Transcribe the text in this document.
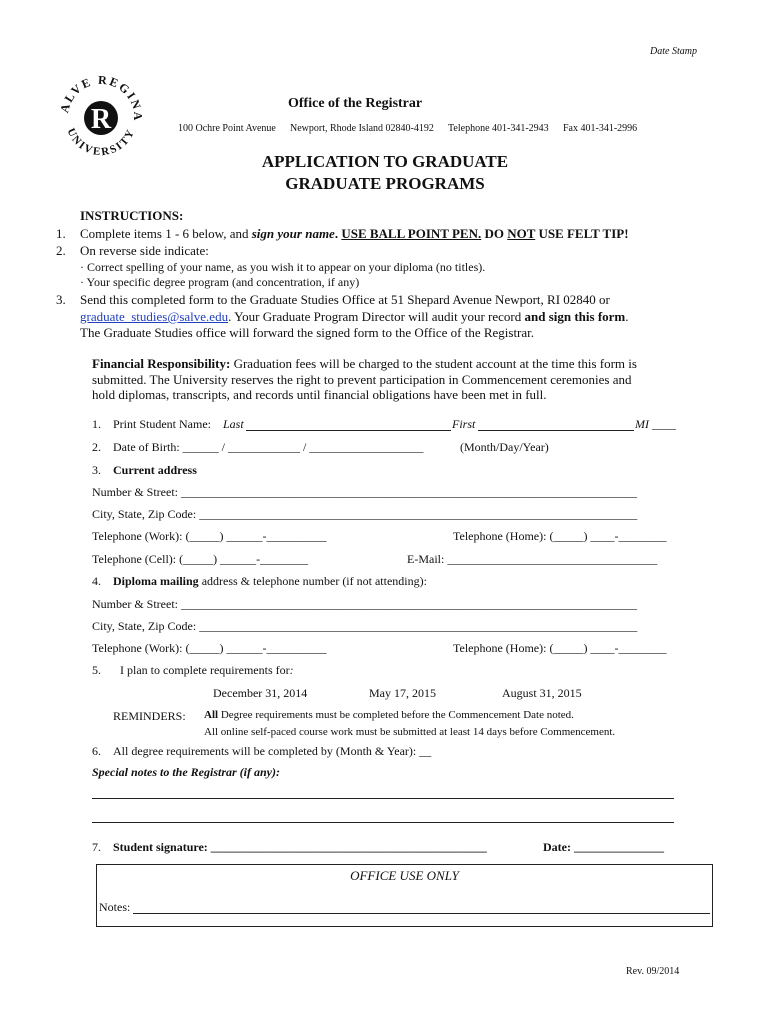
Date Stamp
ALVE REGINA
UNIVERSITY
R
Office of the Registrar
100 Ochre Point Avenue Newport, Rhode Island 02840-4192 Telephone 401-341-2943 Fax 401-341-2996
APPLICATION TO GRADUATE
GRADUATE PROGRAMS
INSTRUCTIONS:
1. Complete items 1 - 6 below, and sign your name. USE BALL POINT PEN. DO NOT USE FELT TIP!
2. On reverse side indicate:
· Correct spelling of your name, as you wish it to appear on your diploma (no titles).
· Your specific degree program (and concentration, if any)
3. Send this completed form to the Graduate Studies Office at 51 Shepard Avenue Newport, RI 02840 or
graduate_studies@salve.edu. Your Graduate Program Director will audit your record and sign this form.
The Graduate Studies office will forward the signed form to the Office of the Registrar.
Financial Responsibility: Graduation fees will be charged to the student account at the time this form is
submitted. The University reserves the right to prevent participation in Commencement ceremonies and
hold diplomas, transcripts, and records until financial obligations have been met in full.
1. Print Student Name: Last	First	MI ____
2. Date of Birth: ______ / ____________ / ___________________	(Month/Day/Year)
3. Current address
Number & Street: ____________________________________________________________________________
City, State, Zip Code: _________________________________________________________________________
Telephone (Work): (_____) ______-__________	Telephone (Home): (_____) ____-________
Telephone (Cell): (_____) ______-________	E-Mail: ___________________________________
4. Diploma mailing address & telephone number (if not attending):
Number & Street: ____________________________________________________________________________
City, State, Zip Code: _________________________________________________________________________
Telephone (Work): (_____) ______-__________	Telephone (Home): (_____) ____-________
5. I plan to complete requirements for:
December 31, 2014	May 17, 2015	August 31, 2015
REMINDERS: All Degree requirements must be completed before the Commencement Date noted.
All online self-paced course work must be submitted at least 14 days before Commencement.
6. All degree requirements will be completed by (Month & Year): __
Special notes to the Registrar (if any):
7. Student signature: ______________________________________________	Date: _______________
OFFICE USE ONLY
Notes:
Rev. 09/2014
